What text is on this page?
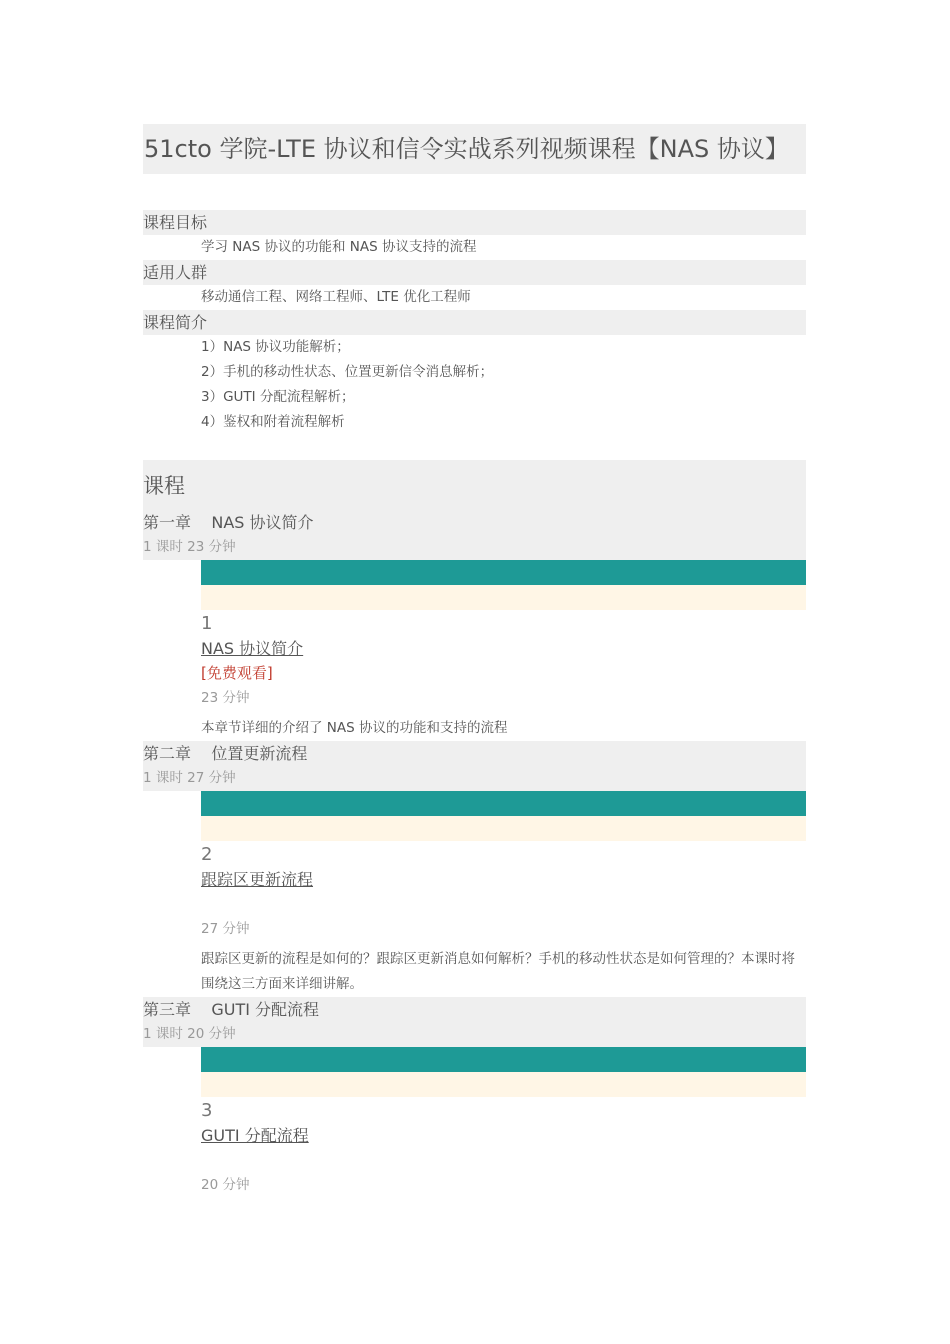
51cto 学院-LTE 协议和信令实战系列视频课程【NAS 协议】
课程目标
学习 NAS 协议的功能和 NAS 协议支持的流程
适用人群
移动通信工程、网络工程师、LTE 优化工程师
课程简介
1）NAS 协议功能解析；
2）手机的移动性状态、位置更新信令消息解析；
3）GUTI 分配流程解析；
4）鉴权和附着流程解析
课程
第一章    NAS 协议简介
1 课时 23 分钟
1
NAS 协议简介
[免费观看]
23 分钟
本章节详细的介绍了 NAS 协议的功能和支持的流程
第二章    位置更新流程
1 课时 27 分钟
2
跟踪区更新流程
27 分钟
跟踪区更新的流程是如何的？跟踪区更新消息如何解析？手机的移动性状态是如何管理的？本课时将围绕这三方面来详细讲解。
第三章    GUTI 分配流程
1 课时 20 分钟
3
GUTI 分配流程
20 分钟
